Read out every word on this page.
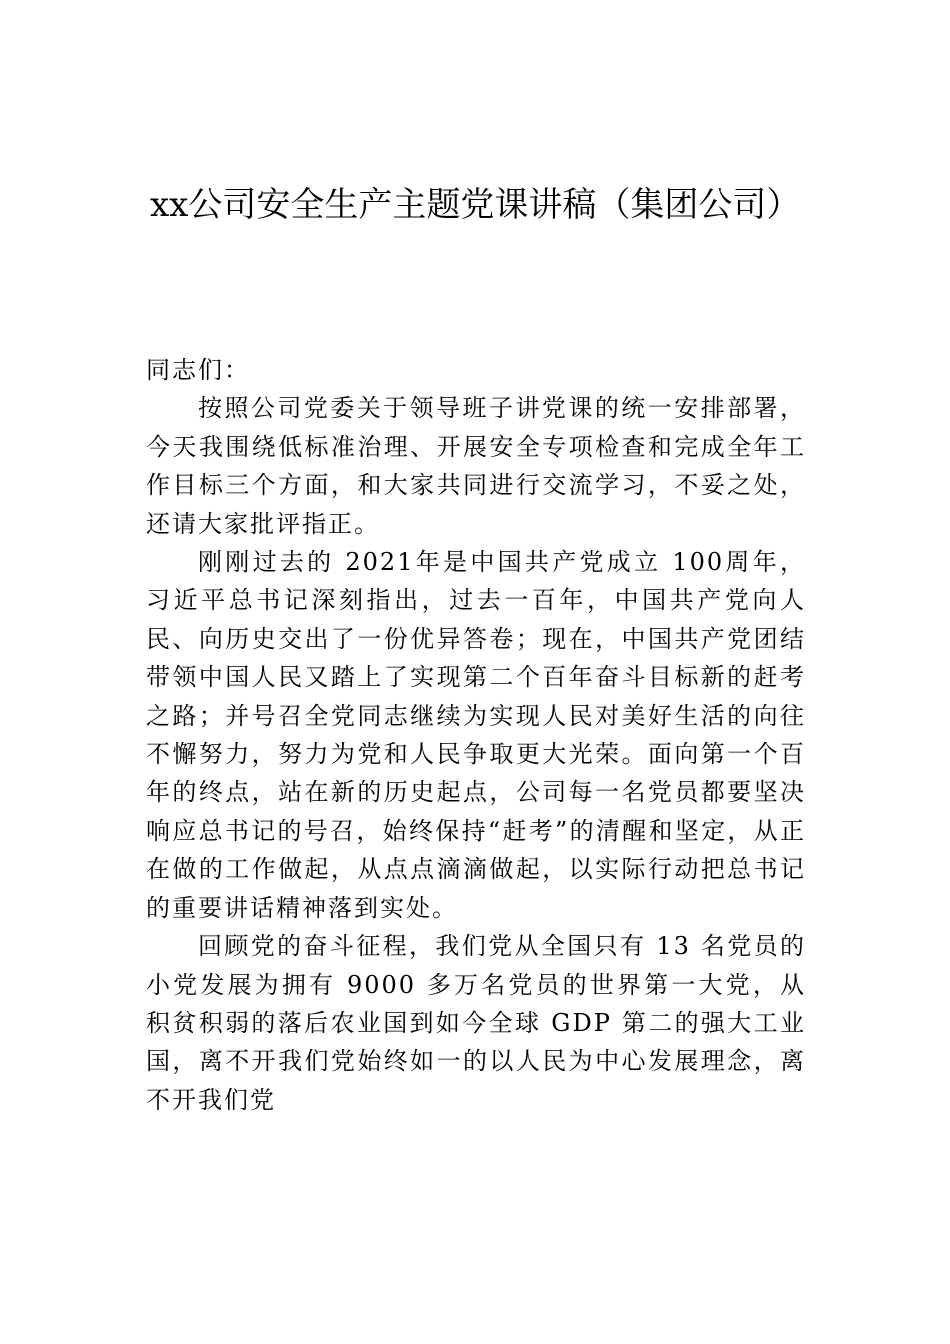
xx公司安全生产主题党课讲稿（集团公司）

同志们：

按照公司党委关于领导班子讲党课的统一安排部署，今天我围绕低标准治理、开展安全专项检查和完成全年工作目标三个方面，和大家共同进行交流学习，不妥之处，还请大家批评指正。

刚刚过去的 2021年是中国共产党成立 100周年，习近平总书记深刻指出，过去一百年，中国共产党向人民、向历史交出了一份优异答卷；现在，中国共产党团结带领中国人民又踏上了实现第二个百年奋斗目标新的赶考之路；并号召全党同志继续为实现人民对美好生活的向往不懈努力，努力为党和人民争取更大光荣。面向第一个百年的终点，站在新的历史起点，公司每一名党员都要坚决响应总书记的号召，始终保持“赶考”的清醒和坚定，从正在做的工作做起，从点点滴滴做起，以实际行动把总书记的重要讲话精神落到实处。

回顾党的奋斗征程，我们党从全国只有 13 名党员的小党发展为拥有 9000 多万名党员的世界第一大党，从积贫积弱的落后农业国到如今全球 GDP 第二的强大工业国，离不开我们党始终如一的以人民为中心发展理念，离不开我们党
